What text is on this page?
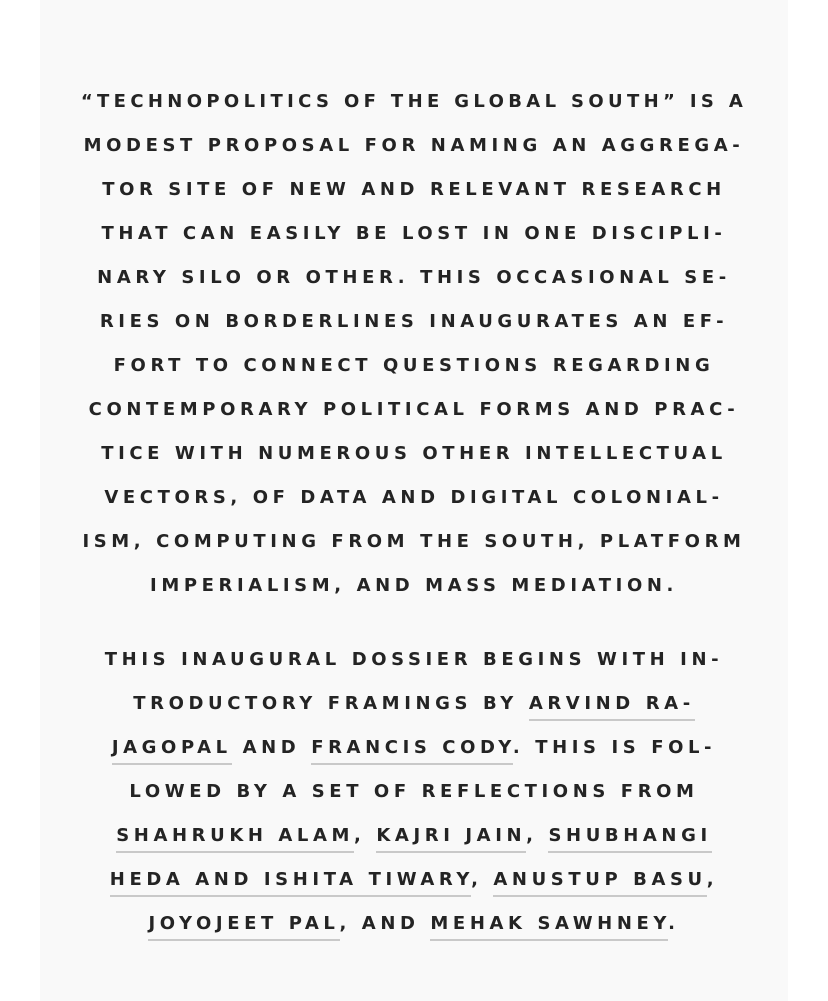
“TECHNOPOLITICS OF THE GLOBAL SOUTH” IS A
MODEST PROPOSAL FOR NAMING AN AGGREGA-
TOR SITE OF NEW AND RELEVANT RESEARCH
THAT CAN EASILY BE LOST IN ONE DISCIPLI-
NARY SILO OR OTHER. THIS OCCASIONAL SE-
RIES ON BORDERLINES INAUGURATES AN EF-
FORT TO CONNECT QUESTIONS REGARDING
CONTEMPORARY POLITICAL FORMS AND PRAC-
TICE WITH NUMEROUS OTHER INTELLECTUAL
VECTORS, OF DATA AND DIGITAL COLONIAL-
ISM, COMPUTING FROM THE SOUTH, PLATFORM
IMPERIALISM, AND MASS MEDIATION.
THIS INAUGURAL DOSSIER BEGINS WITH IN-
TRODUCTORY FRAMINGS BY ARVIND RA-
JAGOPAL AND FRANCIS CODY. THIS IS FOL-
LOWED BY A SET OF REFLECTIONS FROM
SHAHRUKH ALAM, KAJRI JAIN, SHUBHANGI
HEDA AND ISHITA TIWARY, ANUSTUP BASU,
JOYOJEET PAL, AND MEHAK SAWHNEY.
